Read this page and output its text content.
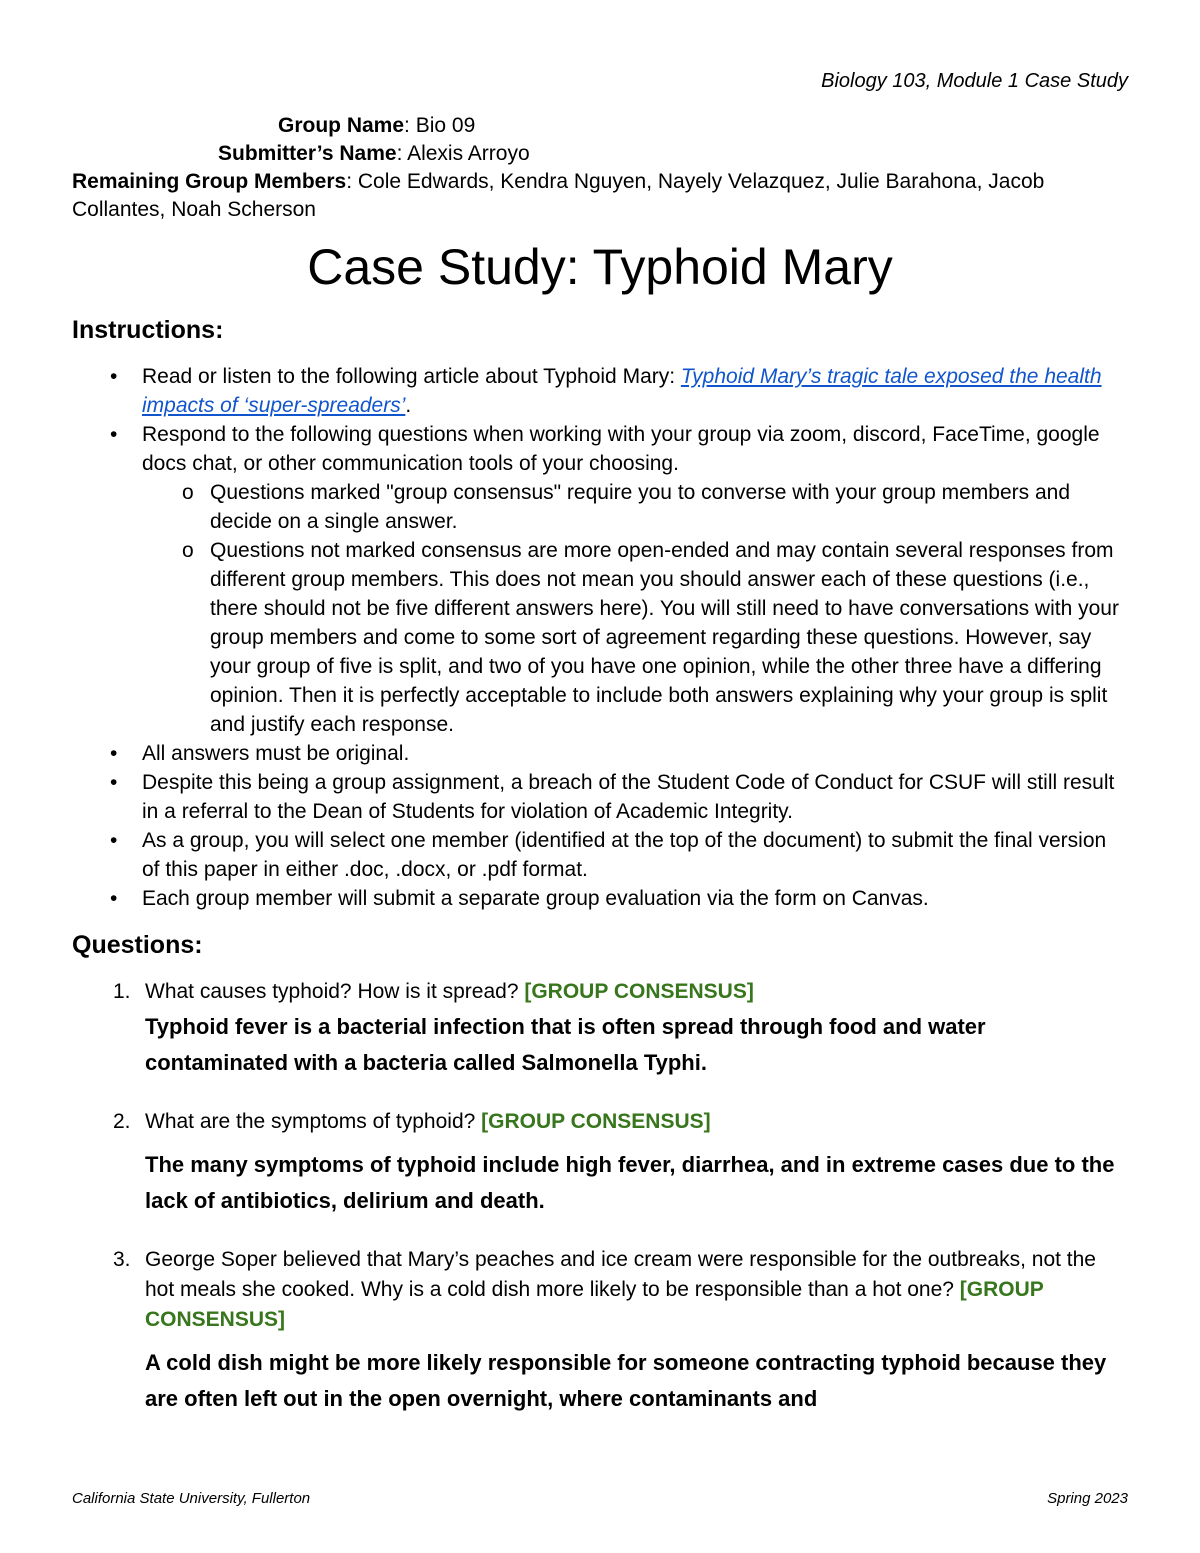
Biology 103, Module 1 Case Study
Group Name: Bio 09
Submitter’s Name: Alexis Arroyo
Remaining Group Members: Cole Edwards, Kendra Nguyen, Nayely Velazquez, Julie Barahona, Jacob Collantes, Noah Scherson
Case Study: Typhoid Mary
Instructions:
•	Read or listen to the following article about Typhoid Mary: Typhoid Mary’s tragic tale exposed the health impacts of ‘super-spreaders’.
•	Respond to the following questions when working with your group via zoom, discord, FaceTime, google docs chat, or other communication tools of your choosing.
o Questions marked "group consensus" require you to converse with your group members and decide on a single answer.
o Questions not marked consensus are more open-ended and may contain several responses from different group members. This does not mean you should answer each of these questions (i.e., there should not be five different answers here). You will still need to have conversations with your group members and come to some sort of agreement regarding these questions. However, say your group of five is split, and two of you have one opinion, while the other three have a differing opinion. Then it is perfectly acceptable to include both answers explaining why your group is split and justify each response.
•	All answers must be original.
•	Despite this being a group assignment, a breach of the Student Code of Conduct for CSUF will still result in a referral to the Dean of Students for violation of Academic Integrity.
•	As a group, you will select one member (identified at the top of the document) to submit the final version of this paper in either .doc, .docx, or .pdf format.
•	Each group member will submit a separate group evaluation via the form on Canvas.
Questions:
1. What causes typhoid? How is it spread? [GROUP CONSENSUS]
Typhoid fever is a bacterial infection that is often spread through food and water contaminated with a bacteria called Salmonella Typhi.
2. What are the symptoms of typhoid? [GROUP CONSENSUS]
The many symptoms of typhoid include high fever, diarrhea, and in extreme cases due to the lack of antibiotics, delirium and death.
3. George Soper believed that Mary’s peaches and ice cream were responsible for the outbreaks, not the hot meals she cooked. Why is a cold dish more likely to be responsible than a hot one? [GROUP CONSENSUS]
A cold dish might be more likely responsible for someone contracting typhoid because they are often left out in the open overnight, where contaminants and
California State University, Fullerton	Spring 2023
